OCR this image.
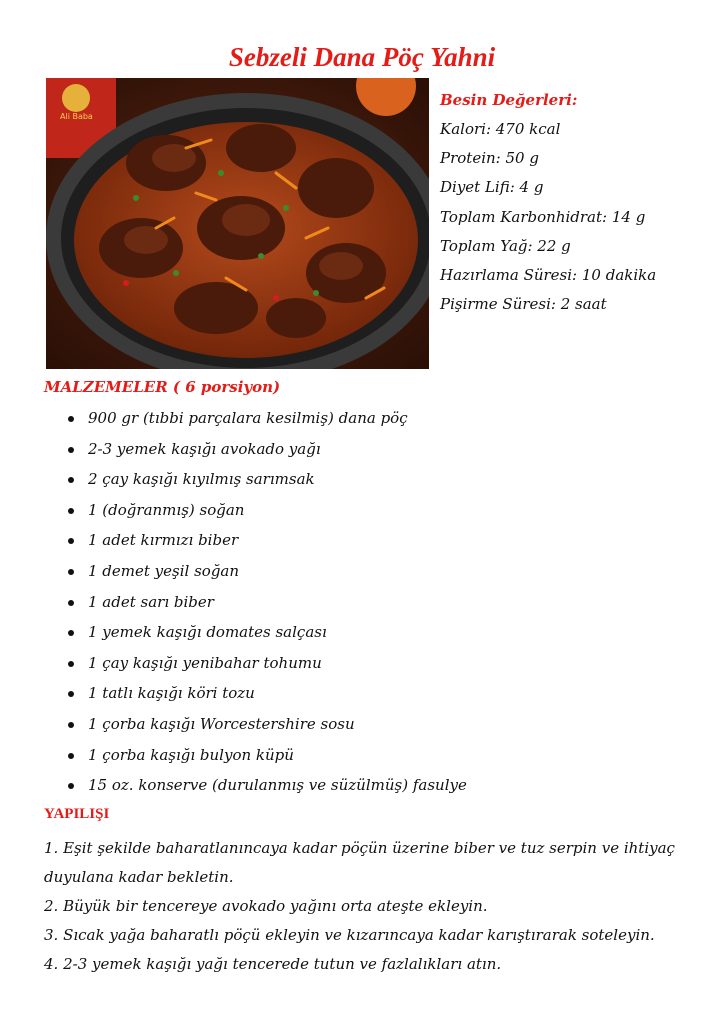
Sebzeli Dana Pöç Yahni
Ali Baba
Besin Değerleri:
Kalori: 470 kcal
Protein: 50 g
Diyet Lifi: 4 g
Toplam Karbonhidrat: 14 g
Toplam Yağ: 22 g
Hazırlama Süresi: 10 dakika
Pişirme Süresi: 2 saat
MALZEMELER ( 6 porsiyon)
900 gr (tıbbi parçalara kesilmiş) dana pöç
2-3 yemek kaşığı avokado yağı
2 çay kaşığı kıyılmış sarımsak
1 (doğranmış) soğan
1 adet kırmızı biber
1 demet yeşil soğan
1 adet sarı biber
1 yemek kaşığı domates salçası
1 çay kaşığı yenibahar tohumu
1 tatlı kaşığı köri tozu
1 çorba kaşığı Worcestershire sosu
1 çorba kaşığı bulyon küpü
15 oz. konserve (durulanmış ve süzülmüş) fasulye
YAPILIŞI

1. Eşit şekilde baharatlanıncaya kadar pöçün üzerine biber ve tuz serpin ve ihtiyaç duyulana kadar bekletin.

2. Büyük bir tencereye avokado yağını orta ateşte ekleyin.

3. Sıcak yağa baharatlı pöçü ekleyin ve kızarıncaya kadar karıştırarak soteleyin.

4. 2-3 yemek kaşığı yağı tencerede tutun ve fazlalıkları atın.
